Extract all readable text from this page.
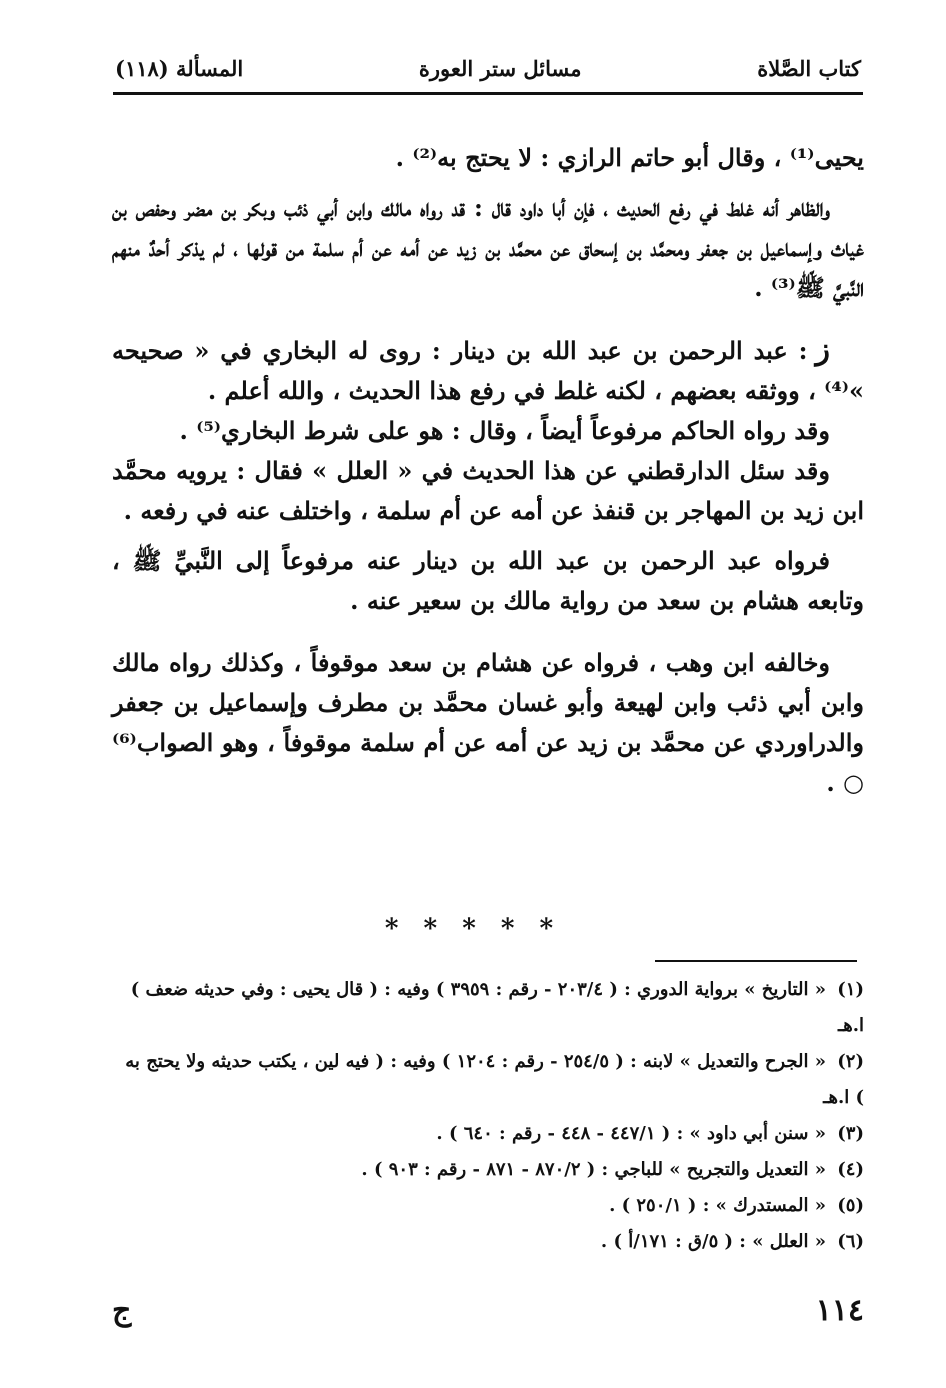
كتاب الصَّلاة
مسائل ستر العورة
المسألة (١١٨)

يحيى⁽¹⁾ ، وقال أبو حاتم الرازي : لا يحتج به⁽²⁾ .

والظاهر أنه غلط في رفع الحديث ، فإن أبا داود قال : قد رواه مالك وابن أبي ذئب وبكر بن مضر وحفص بن غياث وإسماعيل بن جعفر ومحمَّد بن إسحاق عن محمَّد بن زيد عن أمه عن أم سلمة من قولها ، لم يذكر أحدٌ منهم النَّبيَّ ﷺ⁽³⁾ .

ز: عبد الرحمن بن عبد الله بن دينار : روى له البخاري في « صحيحه »⁽⁴⁾ ، ووثقه بعضهم ، لكنه غلط في رفع هذا الحديث ، والله أعلم .

وقد رواه الحاكم مرفوعاً أيضاً ، وقال : هو على شرط البخاري⁽⁵⁾ .

وقد سئل الدارقطني عن هذا الحديث في « العلل » فقال : يرويه محمَّد ابن زيد بن المهاجر بن قنفذ عن أمه عن أم سلمة ، واختلف عنه في رفعه .

فرواه عبد الرحمن بن عبد الله بن دينار عنه مرفوعاً إلى النَّبيِّ ﷺ ، وتابعه هشام بن سعد من رواية مالك بن سعير عنه .

وخالفه ابن وهب ، فرواه عن هشام بن سعد موقوفاً ، وكذلك رواه مالك وابن أبي ذئب وابن لهيعة وأبو غسان محمَّد بن مطرف وإسماعيل بن جعفر والدراوردي عن محمَّد بن زيد عن أمه عن أم سلمة موقوفاً ، وهو الصواب⁽⁶⁾ ○ .

* * * * *

(١)« التاريخ » برواية الدوري : ( ٢٠٣/٤ - رقم : ٣٩٥٩ ) وفيه : ( قال يحيى : وفي حديثه ضعف ) ا.هـ

(٢)« الجرح والتعديل » لابنه : ( ٢٥٤/٥ - رقم : ١٢٠٤ ) وفيه : ( فيه لين ، يكتب حديثه ولا يحتج به ) ا.هـ

(٣)« سنن أبي داود » : ( ٤٤٧/١ - ٤٤٨ - رقم : ٦٤٠ ) .

(٤)« التعديل والتجريح » للباجي : ( ٨٧٠/٢ - ٨٧١ - رقم : ٩٠٣ ) .

(٥)« المستدرك » : ( ٢٥٠/١ ) .

(٦)« العلل » : ( ٥/ق : ١٧١/أ ) .

١١٤
ج
